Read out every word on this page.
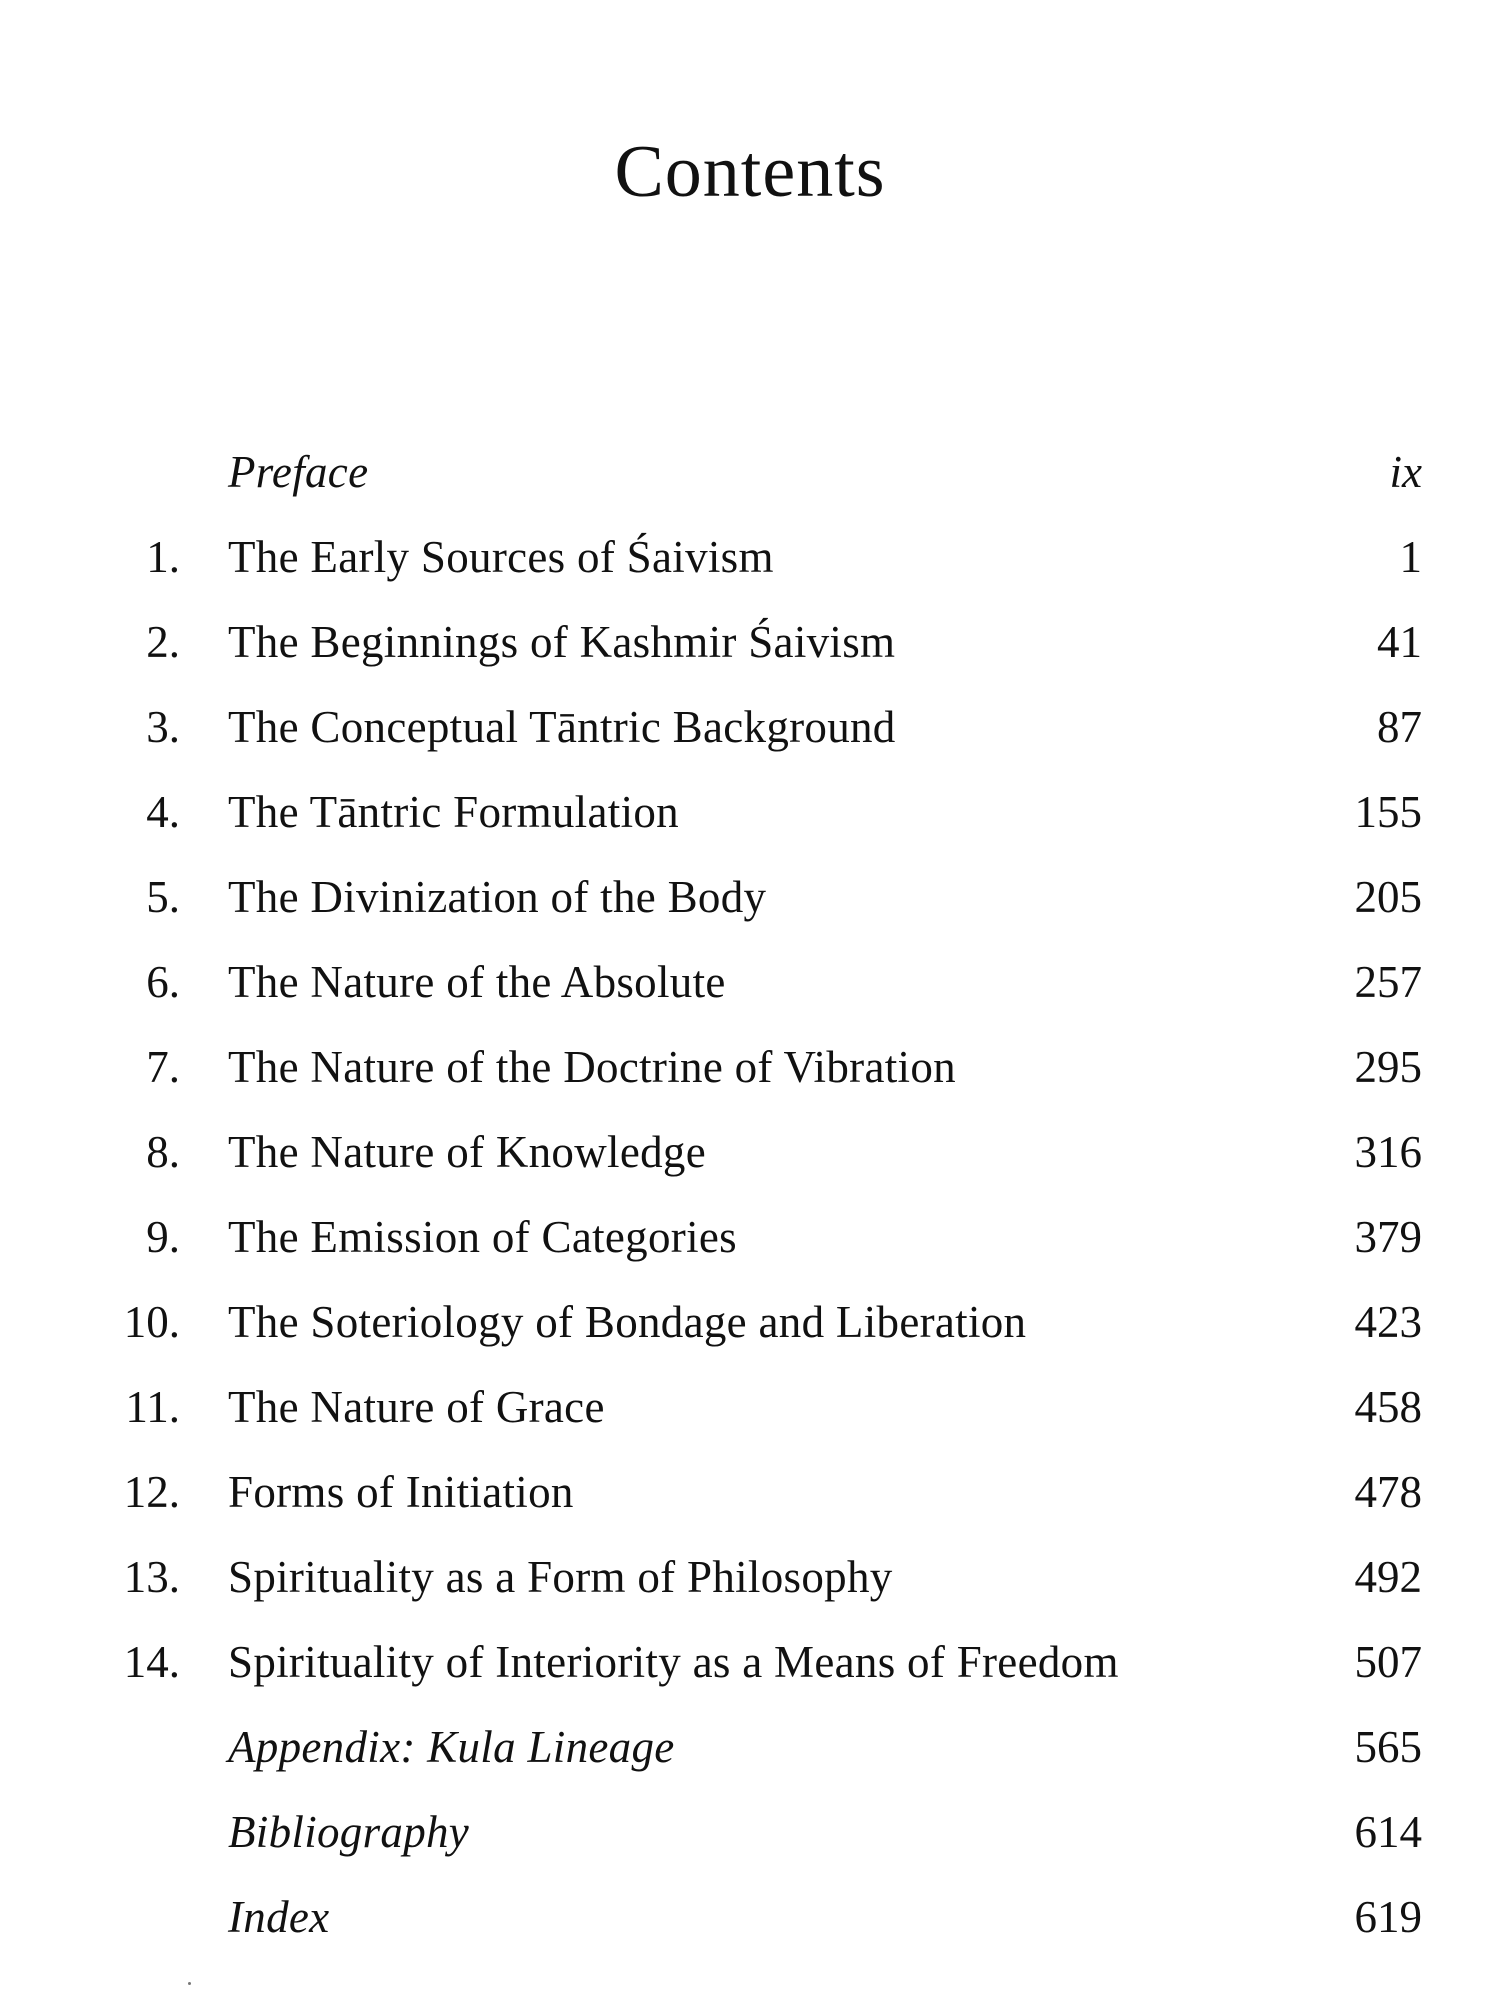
Contents
Preface	ix
1. The Early Sources of Śaivism	1
2. The Beginnings of Kashmir Śaivism	41
3. The Conceptual Tāntric Background	87
4. The Tāntric Formulation	155
5. The Divinization of the Body	205
6. The Nature of the Absolute	257
7. The Nature of the Doctrine of Vibration	295
8. The Nature of Knowledge	316
9. The Emission of Categories	379
10. The Soteriology of Bondage and Liberation	423
11. The Nature of Grace	458
12. Forms of Initiation	478
13. Spirituality as a Form of Philosophy	492
14. Spirituality of Interiority as a Means of Freedom	507
Appendix: Kula Lineage	565
Bibliography	614
Index	619
